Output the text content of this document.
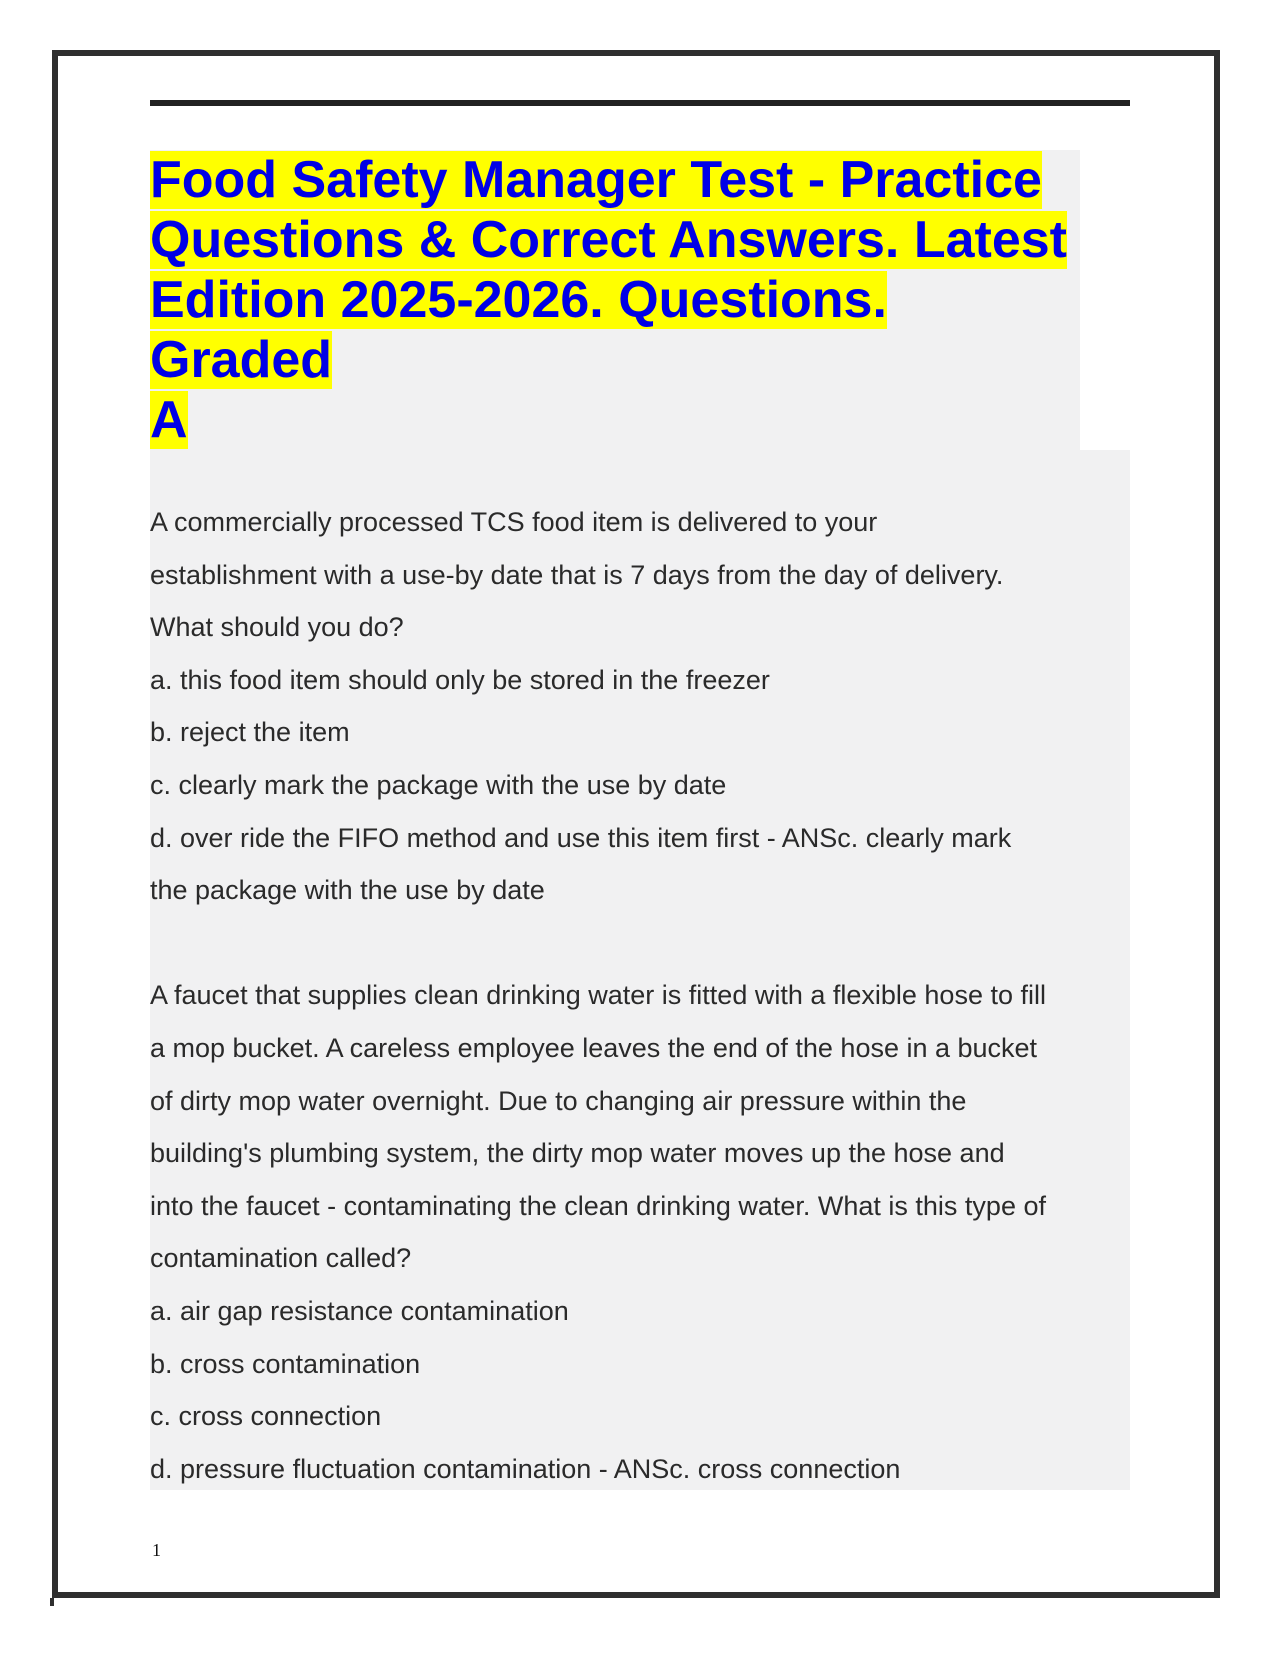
Food Safety Manager Test - Practice
Questions & Correct Answers. Latest
Edition 2025-2026. Questions. Graded
A
A commercially processed TCS food item is delivered to your
establishment with a use-by date that is 7 days from the day of delivery.
What should you do?
a. this food item should only be stored in the freezer
b. reject the item
c. clearly mark the package with the use by date
d. over ride the FIFO method and use this item first - ANSc. clearly mark
the package with the use by date
A faucet that supplies clean drinking water is fitted with a flexible hose to fill
a mop bucket. A careless employee leaves the end of the hose in a bucket
of dirty mop water overnight. Due to changing air pressure within the
building's plumbing system, the dirty mop water moves up the hose and
into the faucet - contaminating the clean drinking water. What is this type of
contamination called?
a. air gap resistance contamination
b. cross contamination
c. cross connection
d. pressure fluctuation contamination - ANSc. cross connection
1
